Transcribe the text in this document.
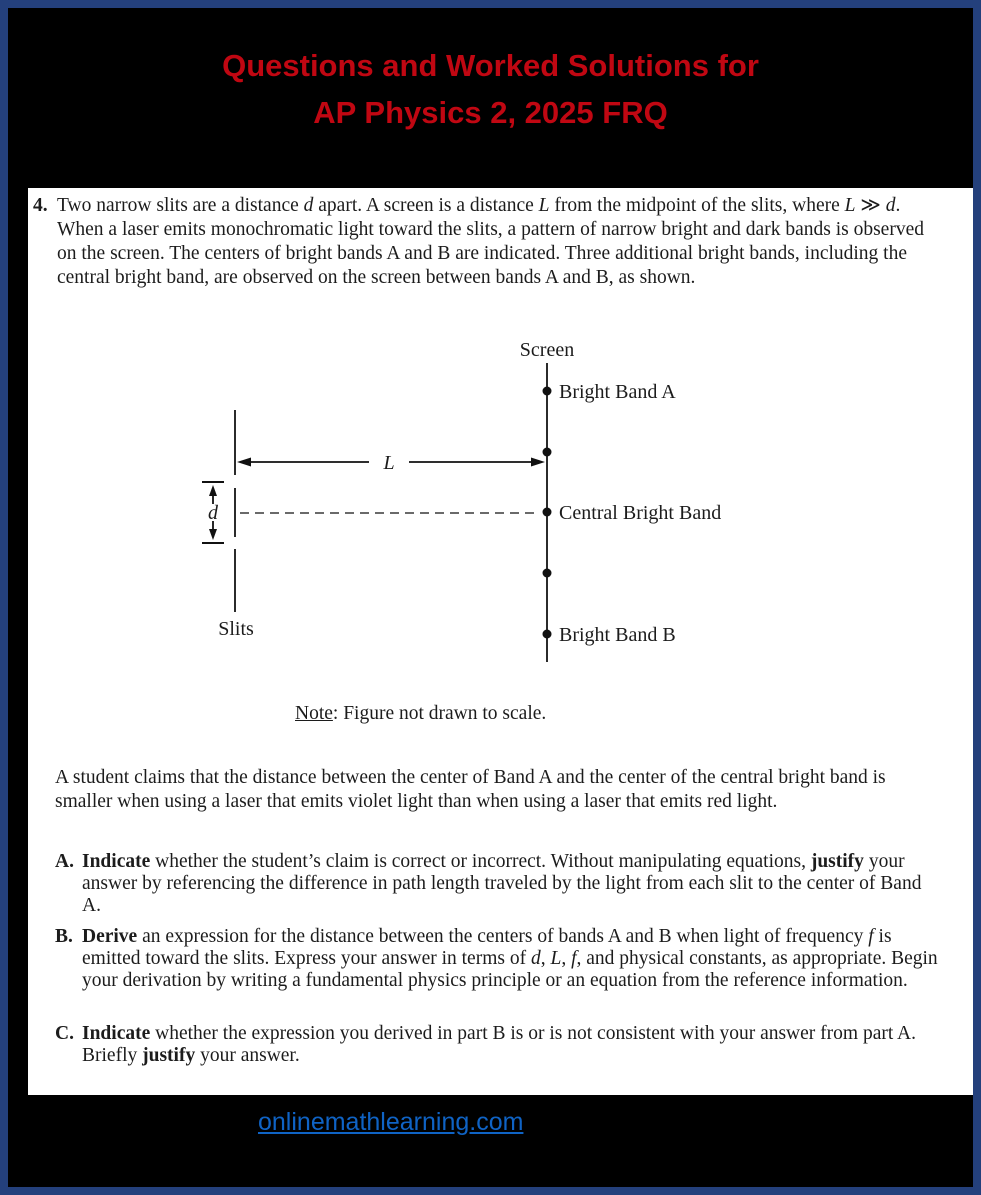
Questions and Worked Solutions for
AP Physics 2, 2025 FRQ
4. Two narrow slits are a distance d apart. A screen is a distance L from the midpoint of the slits, where L ≫ d. When a laser emits monochromatic light toward the slits, a pattern of narrow bright and dark bands is observed on the screen. The centers of bright bands A and B are indicated. Three additional bright bands, including the central bright band, are observed on the screen between bands A and B, as shown.
Screen
Bright Band A
Central Bright Band
Bright Band B
Slits
L
d
Note: Figure not drawn to scale.
A student claims that the distance between the center of Band A and the center of the central bright band is smaller when using a laser that emits violet light than when using a laser that emits red light.
A. Indicate whether the student’s claim is correct or incorrect. Without manipulating equations, justify your answer by referencing the difference in path length traveled by the light from each slit to the center of Band A.
B. Derive an expression for the distance between the centers of bands A and B when light of frequency f is emitted toward the slits. Express your answer in terms of d, L, f, and physical constants, as appropriate. Begin your derivation by writing a fundamental physics principle or an equation from the reference information.
C. Indicate whether the expression you derived in part B is or is not consistent with your answer from part A. Briefly justify your answer.
onlinemathlearning.com
